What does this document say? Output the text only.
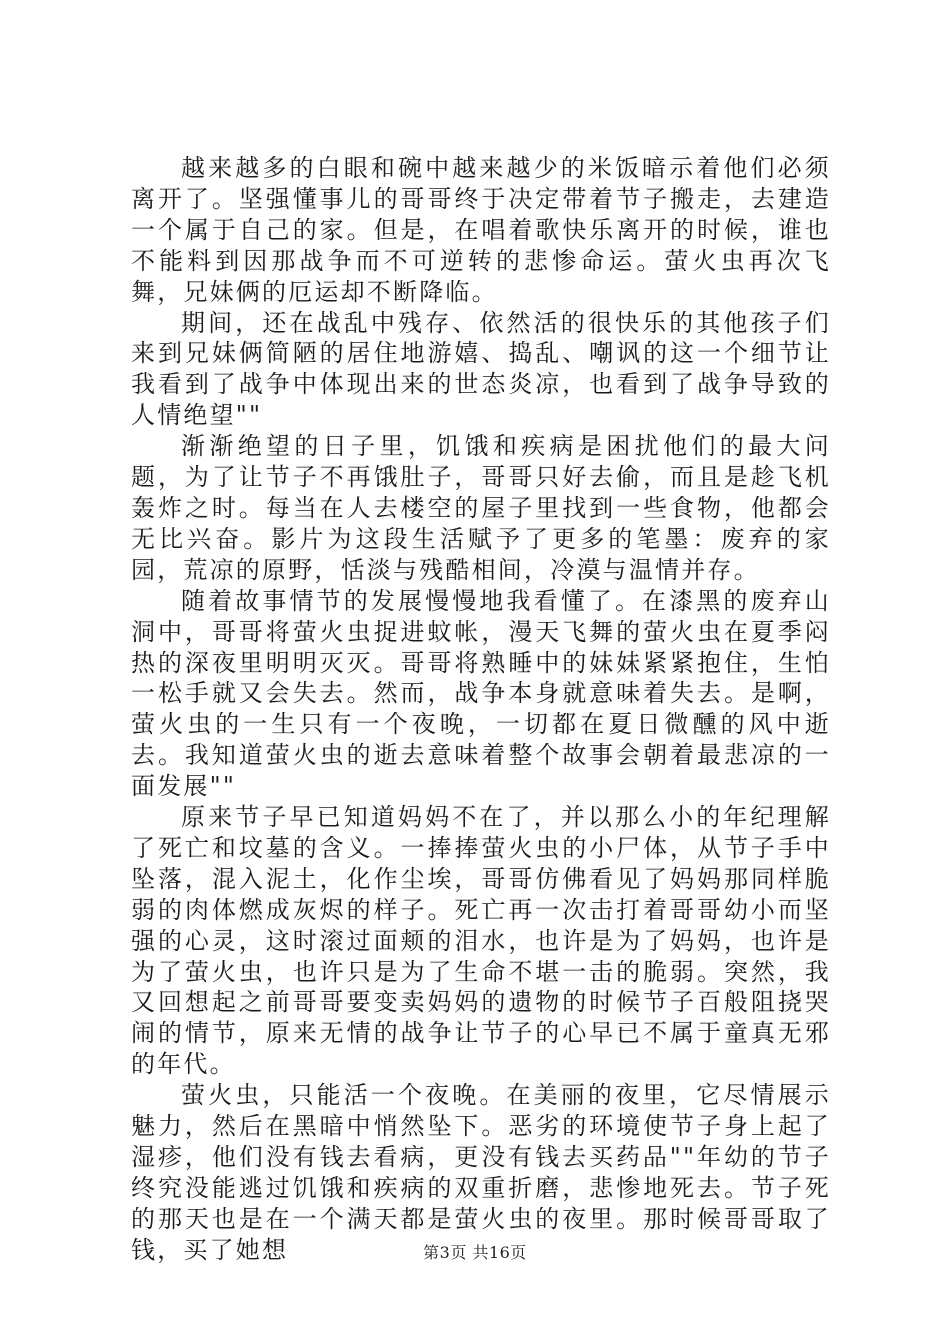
越来越多的白眼和碗中越来越少的米饭暗示着他们必须离开了。坚强懂事儿的哥哥终于决定带着节子搬走，去建造一个属于自己的家。但是，在唱着歌快乐离开的时候，谁也不能料到因那战争而不可逆转的悲惨命运。萤火虫再次飞舞，兄妹俩的厄运却不断降临。

期间，还在战乱中残存、依然活的很快乐的其他孩子们来到兄妹俩简陋的居住地游嬉、捣乱、嘲讽的这一个细节让我看到了战争中体现出来的世态炎凉，也看到了战争导致的人情绝望""

渐渐绝望的日子里，饥饿和疾病是困扰他们的最大问题，为了让节子不再饿肚子，哥哥只好去偷，而且是趁飞机轰炸之时。每当在人去楼空的屋子里找到一些食物，他都会无比兴奋。影片为这段生活赋予了更多的笔墨：废弃的家园，荒凉的原野，恬淡与残酷相间，冷漠与温情并存。

随着故事情节的发展慢慢地我看懂了。在漆黑的废弃山洞中，哥哥将萤火虫捉进蚊帐，漫天飞舞的萤火虫在夏季闷热的深夜里明明灭灭。哥哥将熟睡中的妹妹紧紧抱住，生怕一松手就又会失去。然而，战争本身就意味着失去。是啊，萤火虫的一生只有一个夜晚，一切都在夏日微醺的风中逝去。我知道萤火虫的逝去意味着整个故事会朝着最悲凉的一面发展""

原来节子早已知道妈妈不在了，并以那么小的年纪理解了死亡和坟墓的含义。一捧捧萤火虫的小尸体，从节子手中坠落，混入泥土，化作尘埃，哥哥仿佛看见了妈妈那同样脆弱的肉体燃成灰烬的样子。死亡再一次击打着哥哥幼小而坚强的心灵，这时滚过面颊的泪水，也许是为了妈妈，也许是为了萤火虫，也许只是为了生命不堪一击的脆弱。突然，我又回想起之前哥哥要变卖妈妈的遗物的时候节子百般阻挠哭闹的情节，原来无情的战争让节子的心早已不属于童真无邪的年代。

萤火虫，只能活一个夜晚。在美丽的夜里，它尽情展示魅力，然后在黑暗中悄然坠下。恶劣的环境使节子身上起了湿疹，他们没有钱去看病，更没有钱去买药品""年幼的节子终究没能逃过饥饿和疾病的双重折磨，悲惨地死去。节子死的那天也是在一个满天都是萤火虫的夜里。那时候哥哥取了钱，买了她想	第3页 共16页
